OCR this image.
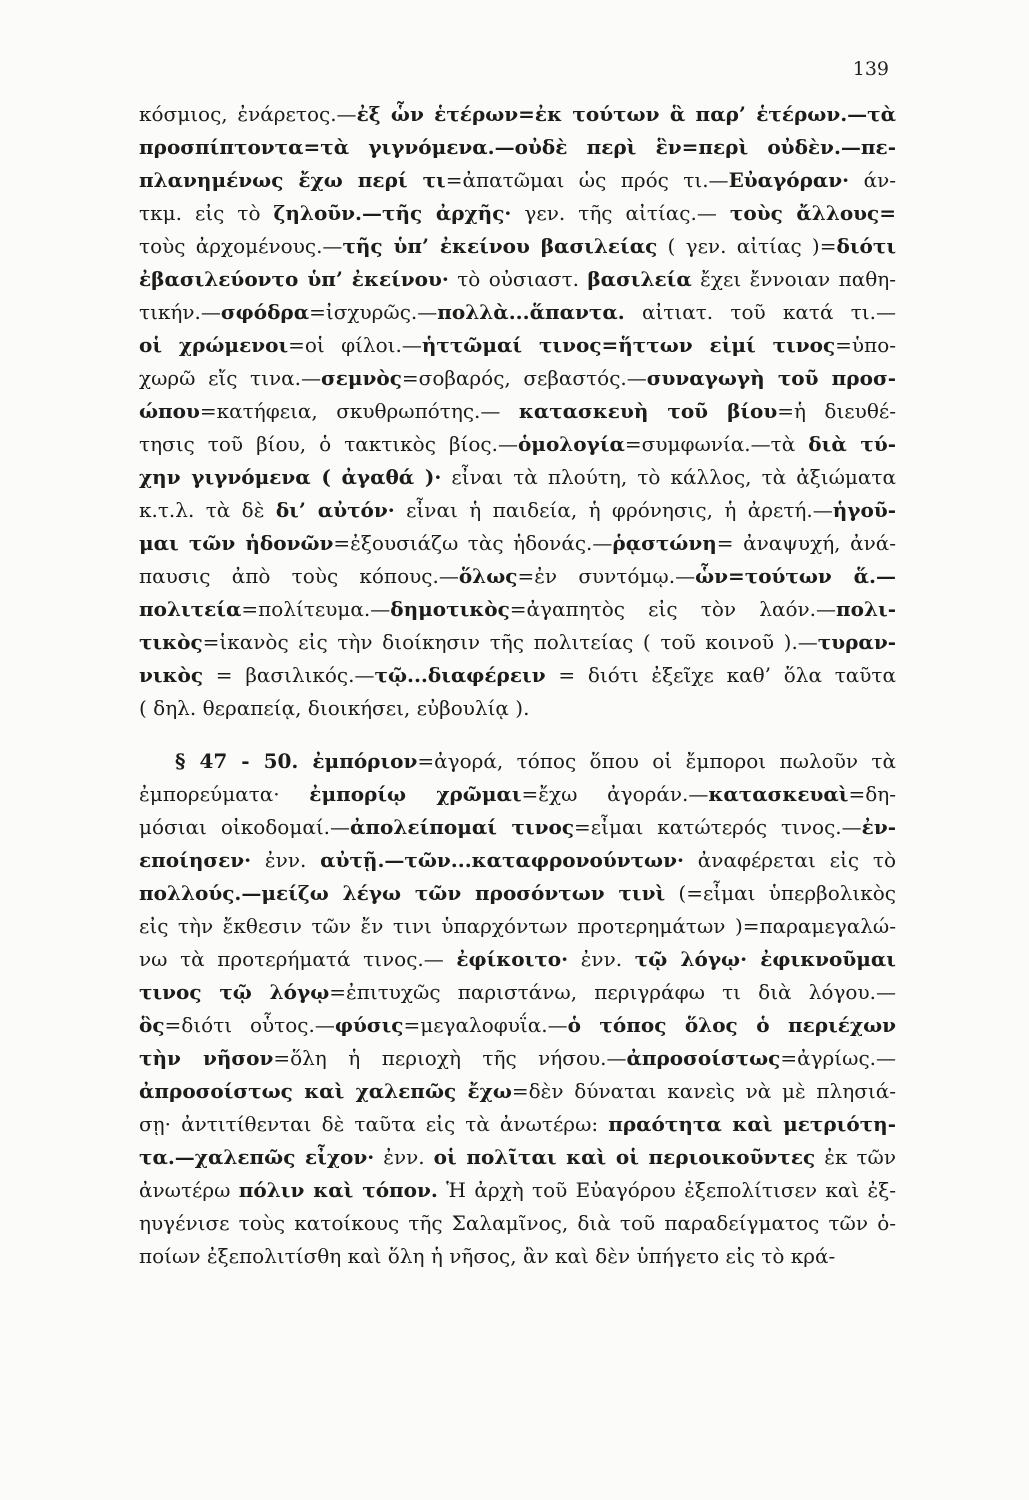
139
κόσμιος, ἐνάρετος.—ἐξ ὧν ἑτέρων=ἐκ τούτων ἃ παρ’ ἑτέρων.—τὰ
προσπίπτοντα=τὰ γιγνόμενα.—οὐδὲ περὶ ἓν=περὶ οὐδὲν.—πε-
πλανημένως ἔχω περί τι=ἀπατῶμαι ὡς πρός τι.—Εὐαγόραν· άν-
τκμ. εἰς τὸ ζηλοῦν.—τῆς ἀρχῆς· γεν. τῆς αἰτίας.— τοὺς ἄλλους=
τοὺς ἀρχομένους.—τῆς ὑπ’ ἐκείνου βασιλείας ( γεν. αἰτίας )=διότι
ἐβασιλεύοντο ὑπ’ ἐκείνου· τὸ οὐσιαστ. βασιλεία ἔχει ἔννοιαν παθη-
τικήν.—σφόδρα=ἰσχυρῶς.—πολλὰ...ἅπαντα. αἰτιατ. τοῦ κατά τι.—
οἱ χρώμενοι=οἱ φίλοι.—ἡττῶμαί τινος=ἥττων εἰμί τινος=ὑπο-
χωρῶ εἴς τινα.—σεμνὸς=σοβαρός, σεβαστός.—συναγωγὴ τοῦ προσ-
ώπου=κατήφεια, σκυθρωπότης.— κατασκευὴ τοῦ βίου=ἡ διευθέ-
τησις τοῦ βίου, ὁ τακτικὸς βίος.—ὁμολογία=συμφωνία.—τὰ διὰ τύ-
χην γιγνόμενα ( ἀγαθά )· εἶναι τὰ πλούτη, τὸ κάλλος, τὰ ἀξιώματα
κ.τ.λ. τὰ δὲ δι’ αὐτόν· εἶναι ἡ παιδεία, ἡ φρόνησις, ἡ ἀρετή.—ἡγοῦ-
μαι τῶν ἡδονῶν=ἐξουσιάζω τὰς ἡδονάς.—ῥᾳστώνη= ἀναψυχή, ἀνά-
παυσις ἀπὸ τοὺς κόπους.—ὅλως=ἐν συντόμῳ.—ὧν=τούτων ἅ.—
πολιτεία=πολίτευμα.—δημοτικὸς=ἀγαπητὸς εἰς τὸν λαόν.—πολι-
τικὸς=ἱκανὸς εἰς τὴν διοίκησιν τῆς πολιτείας ( τοῦ κοινοῦ ).—τυραν-
νικὸς = βασιλικός.—τῷ...διαφέρειν = διότι ἐξεῖχε καθ’ ὅλα ταῦτα
( δηλ. θεραπείᾳ, διοικήσει, εὐβουλίᾳ ).
§ 47 - 50. ἐμπόριον=ἀγορά, τόπος ὅπου οἱ ἔμποροι πωλοῦν τὰ
ἐμπορεύματα· ἐμπορίῳ χρῶμαι=ἔχω ἀγοράν.—κατασκευαὶ=δη-
μόσιαι οἰκοδομαί.—ἀπολείπομαί τινος=εἶμαι κατώτερός τινος.—ἐν-
εποίησεν· ἐνν. αὐτῇ.—τῶν...καταφρονούντων· ἀναφέρεται εἰς τὸ
πολλούς.—μείζω λέγω τῶν προσόντων τινὶ (=εἶμαι ὑπερβολικὸς
εἰς τὴν ἔκθεσιν τῶν ἔν τινι ὑπαρχόντων προτερημάτων )=παραμεγαλώ-
νω τὰ προτερήματά τινος.— ἐφίκοιτο· ἐνν. τῷ λόγῳ· ἐφικνοῦμαι
τινος τῷ λόγῳ=ἐπιτυχῶς παριστάνω, περιγράφω τι διὰ λόγου.—
ὃς=διότι οὗτος.—φύσις=μεγαλοφυΐα.—ὁ τόπος ὅλος ὁ περιέχων
τὴν νῆσον=ὅλη ἡ περιοχὴ τῆς νήσου.—ἀπροσοίστως=ἀγρίως.—
ἀπροσοίστως καὶ χαλεπῶς ἔχω=δὲν δύναται κανεὶς νὰ μὲ πλησιά-
σῃ· ἀντιτίθενται δὲ ταῦτα εἰς τὰ ἀνωτέρω: πραότητα καὶ μετριότη-
τα.—χαλεπῶς εἶχον· ἐνν. οἱ πολῖται καὶ οἱ περιοικοῦντες ἐκ τῶν
ἀνωτέρω πόλιν καὶ τόπον. Ἡ ἀρχὴ τοῦ Εὐαγόρου ἐξεπολίτισεν καὶ ἐξ-
ηυγένισε τοὺς κατοίκους τῆς Σαλαμῖνος, διὰ τοῦ παραδείγματος τῶν ὁ-
ποίων ἐξεπολιτίσθη καὶ ὅλη ἡ νῆσος, ἂν καὶ δὲν ὑπήγετο εἰς τὸ κρά-
